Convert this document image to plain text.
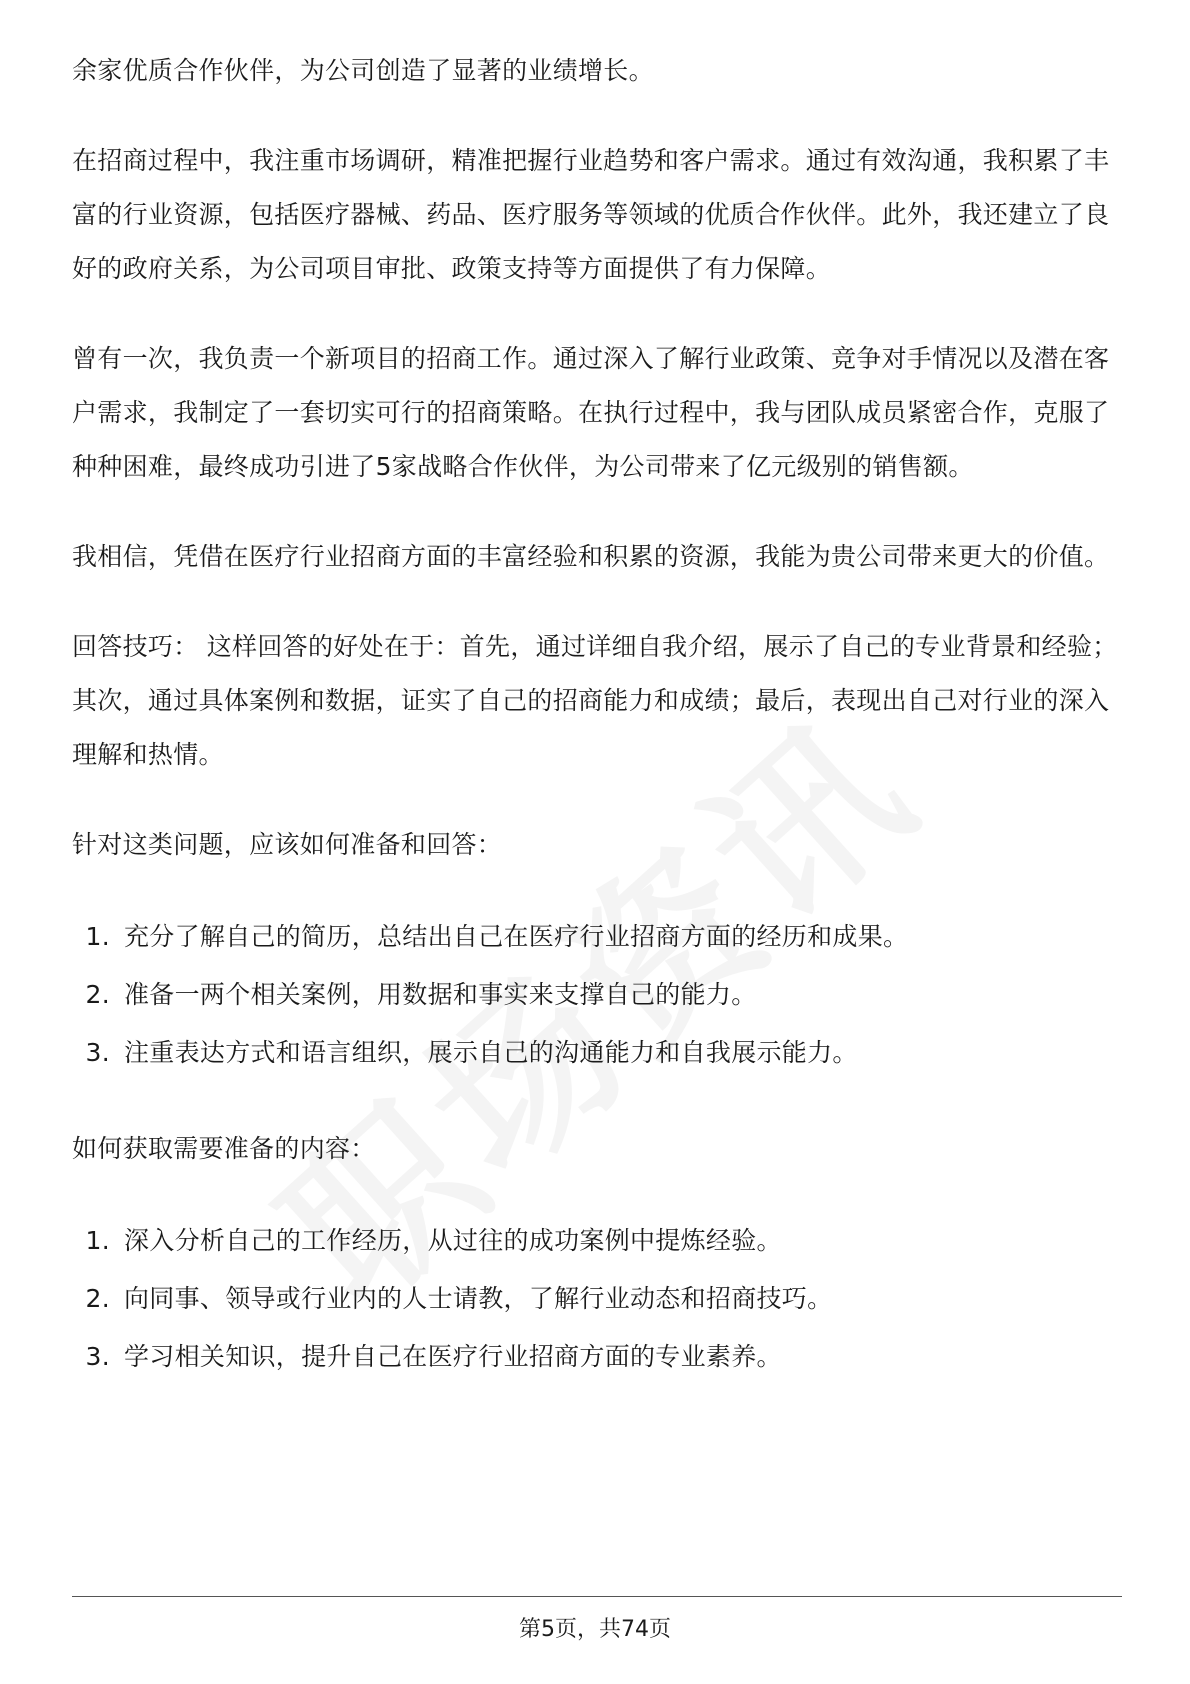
余家优质合作伙伴，为公司创造了显著的业绩增长。

在招商过程中，我注重市场调研，精准把握行业趋势和客户需求。通过有效沟通，我积累了丰富的行业资源，包括医疗器械、药品、医疗服务等领域的优质合作伙伴。此外，我还建立了良好的政府关系，为公司项目审批、政策支持等方面提供了有力保障。

曾有一次，我负责一个新项目的招商工作。通过深入了解行业政策、竞争对手情况以及潜在客户需求，我制定了一套切实可行的招商策略。在执行过程中，我与团队成员紧密合作，克服了种种困难，最终成功引进了5家战略合作伙伴，为公司带来了亿元级别的销售额。

我相信，凭借在医疗行业招商方面的丰富经验和积累的资源，我能为贵公司带来更大的价值。

回答技巧： 这样回答的好处在于：首先，通过详细自我介绍，展示了自己的专业背景和经验；其次，通过具体案例和数据，证实了自己的招商能力和成绩；最后，表现出自己对行业的深入理解和热情。

针对这类问题，应该如何准备和回答：

1. 充分了解自己的简历，总结出自己在医疗行业招商方面的经历和成果。
2. 准备一两个相关案例，用数据和事实来支撑自己的能力。
3. 注重表达方式和语言组织，展示自己的沟通能力和自我展示能力。

如何获取需要准备的内容：

1. 深入分析自己的工作经历，从过往的成功案例中提炼经验。
2. 向同事、领导或行业内的人士请教，了解行业动态和招商技巧。
3. 学习相关知识，提升自己在医疗行业招商方面的专业素养。
第5页，共74页
